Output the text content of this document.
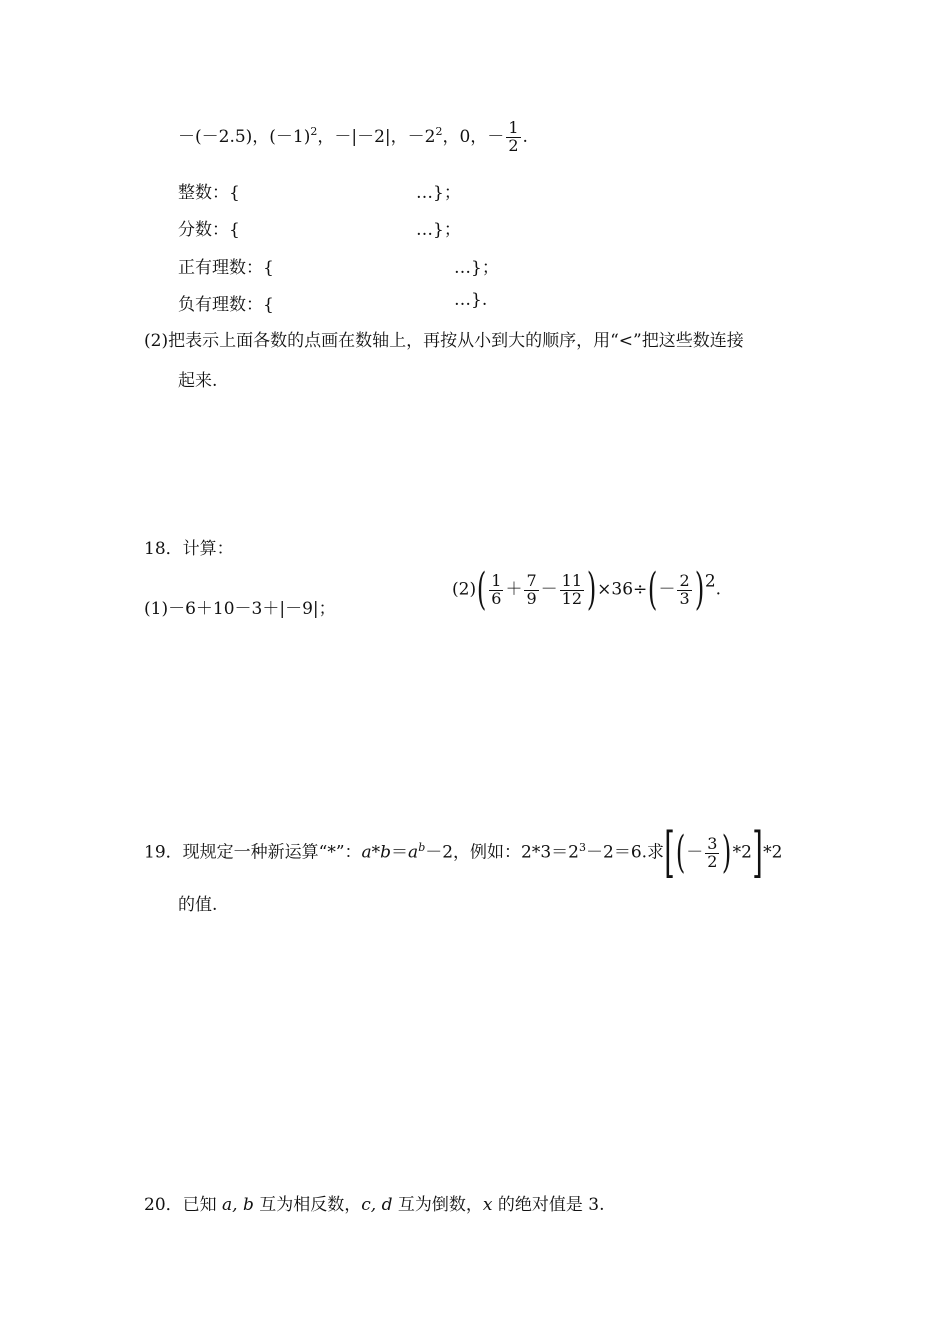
－(－2.5)，$(-1)^2$，－|－2|，$-2^2$，0，－ $\frac{1}{2}$ .
整数：{	…}；
分数：{	…}；
正有理数：{	…}；
负有理数：{	…}.
(2)把表示上面各数的点画在数轴上，再按从小到大的顺序，用“<”把这些数连接
起来.
18．计算：
(1)－6＋10－3＋|－9|；
$(2)( \frac{1}{6} + \frac{7}{9} - \frac{11}{12} )\times 36\div(- \frac{2}{3} )2$.
19．现规定一种新运算“*”：$a*b=a^b-2$，例如：$2*3=2^3-2=6$.求[(－ $\frac{3}{2} )*2]*2$
的值.
20．已知 a, b 互为相反数，c, d 互为倒数，x 的绝对值是 3.
